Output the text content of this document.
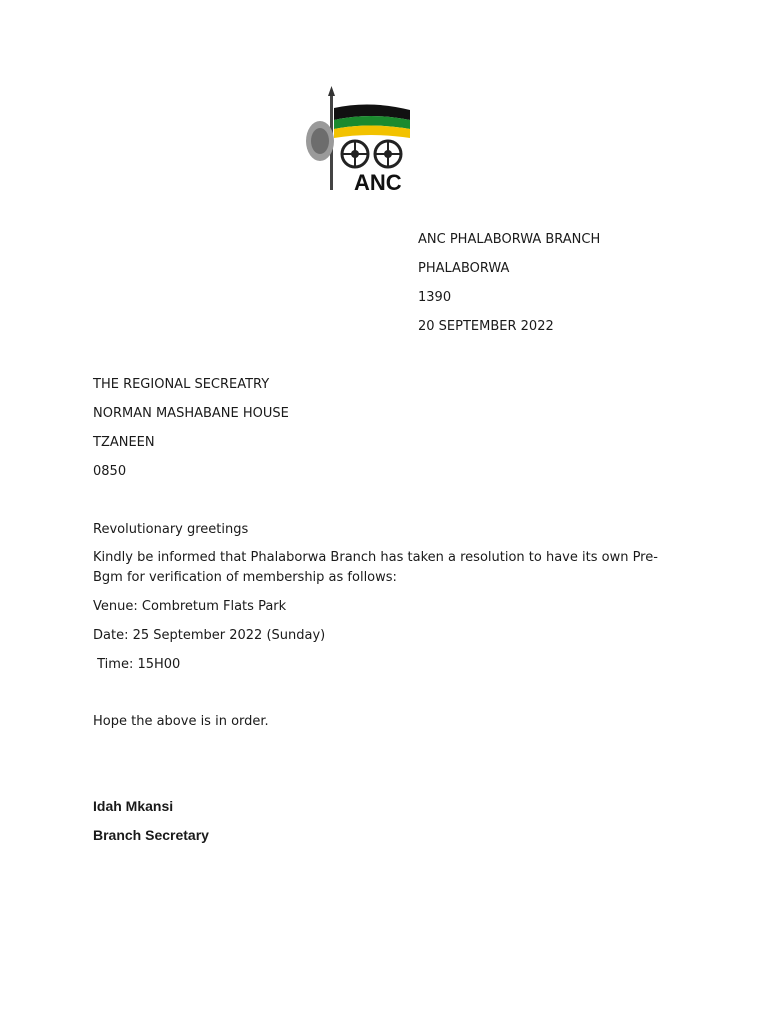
ANC
ANC PHALABORWA BRANCH
PHALABORWA
1390
20 SEPTEMBER 2022
THE REGIONAL SECREATRY
NORMAN MASHABANE HOUSE
TZANEEN
0850
Revolutionary greetings
Kindly be informed that Phalaborwa Branch has taken a resolution to have its own Pre-Bgm for verification of membership as follows:
Venue: Combretum Flats Park
Date: 25 September 2022 (Sunday)
Time: 15H00
Hope the above is in order.
Idah Mkansi
Branch Secretary
